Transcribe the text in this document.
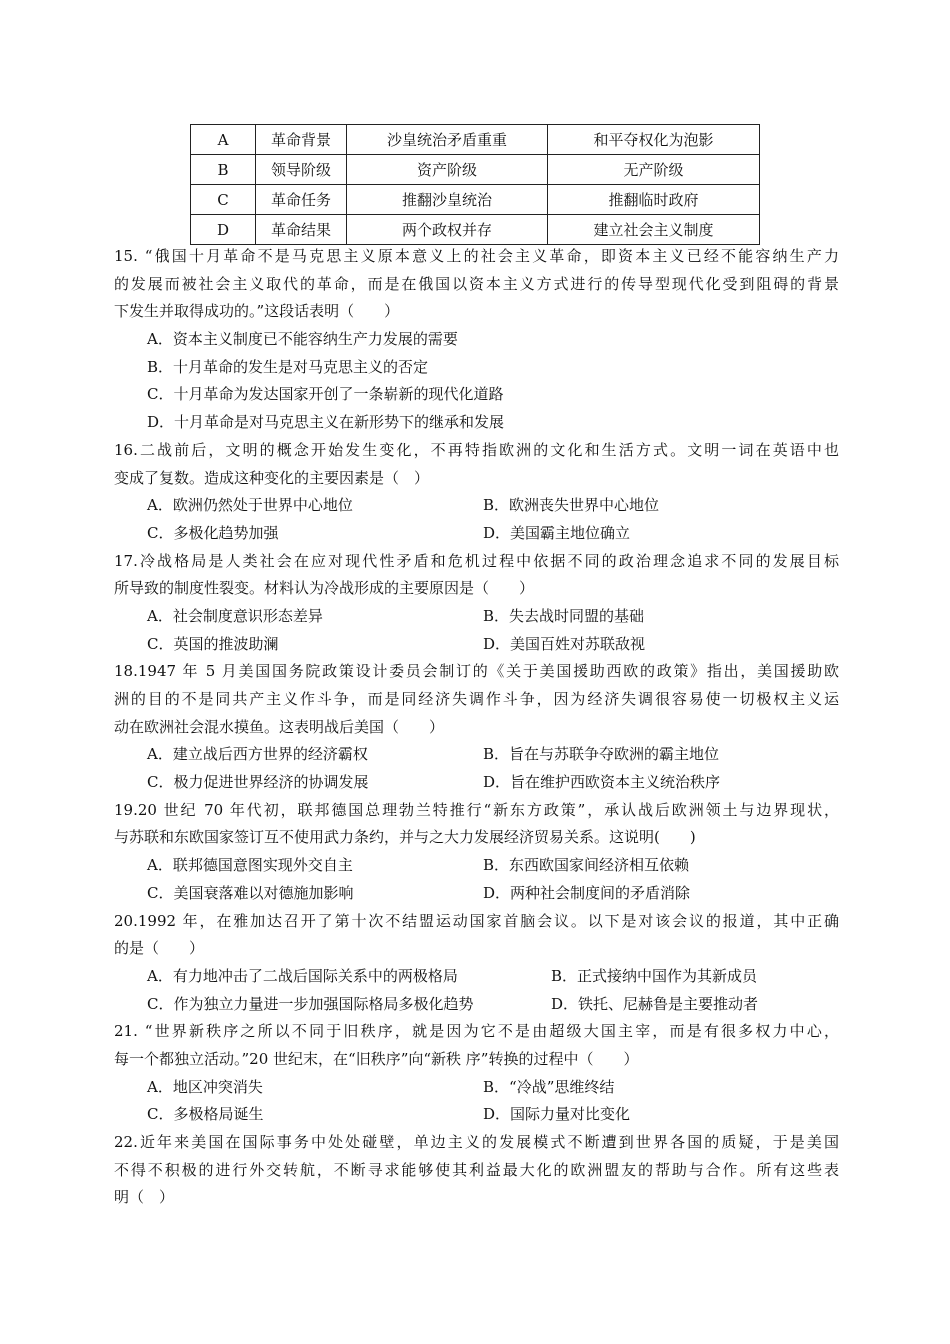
A	革命背景	沙皇统治矛盾重重	和平夺权化为泡影
B	领导阶级	资产阶级	无产阶级
C	革命任务	推翻沙皇统治	推翻临时政府
D	革命结果	两个政权并存	建立社会主义制度
15. “俄国十月革命不是马克思主义原本意义上的社会主义革命，即资本主义已经不能容纳生产力
的发展而被社会主义取代的革命，而是在俄国以资本主义方式进行的传导型现代化受到阻碍的背景
下发生并取得成功的。”这段话表明（　　）
A．资本主义制度已不能容纳生产力发展的需要
B．十月革命的发生是对马克思主义的否定
C．十月革命为发达国家开创了一条崭新的现代化道路
D．十月革命是对马克思主义在新形势下的继承和发展
16.二战前后，文明的概念开始发生变化，不再特指欧洲的文化和生活方式。文明一词在英语中也
变成了复数。造成这种变化的主要因素是（　）
A．欧洲仍然处于世界中心地位	B．欧洲丧失世界中心地位
C．多极化趋势加强	D．美国霸主地位确立
17.冷战格局是人类社会在应对现代性矛盾和危机过程中依据不同的政治理念追求不同的发展目标
所导致的制度性裂变。材料认为冷战形成的主要原因是（　　）
A．社会制度意识形态差异	B．失去战时同盟的基础
C．英国的推波助澜	D．美国百姓对苏联敌视
18.1947 年 5 月美国国务院政策设计委员会制订的《关于美国援助西欧的政策》指出，美国援助欧
洲的目的不是同共产主义作斗争，而是同经济失调作斗争，因为经济失调很容易使一切极权主义运
动在欧洲社会混水摸鱼。这表明战后美国（　　）
A．建立战后西方世界的经济霸权	B．旨在与苏联争夺欧洲的霸主地位
C．极力促进世界经济的协调发展	D．旨在维护西欧资本主义统治秩序
19.20 世纪 70 年代初，联邦德国总理勃兰特推行“新东方政策”，承认战后欧洲领土与边界现状，
与苏联和东欧国家签订互不使用武力条约，并与之大力发展经济贸易关系。这说明(　　)
A．联邦德国意图实现外交自主	B．东西欧国家间经济相互依赖
C．美国衰落难以对德施加影响	D．两种社会制度间的矛盾消除
20.1992 年，在雅加达召开了第十次不结盟运动国家首脑会议。以下是对该会议的报道，其中正确
的是（　　）
A．有力地冲击了二战后国际关系中的两极格局	B．正式接纳中国作为其新成员
C．作为独立力量进一步加强国际格局多极化趋势	D．铁托、尼赫鲁是主要推动者
21. “世界新秩序之所以不同于旧秩序，就是因为它不是由超级大国主宰，而是有很多权力中心，
每一个都独立活动。”20 世纪末，在“旧秩序”向“新秩 序”转换的过程中（　　）
A．地区冲突消失	B．“冷战”思维终结
C．多极格局诞生	D．国际力量对比变化
22.近年来美国在国际事务中处处碰壁，单边主义的发展模式不断遭到世界各国的质疑，于是美国
不得不积极的进行外交转航，不断寻求能够使其利益最大化的欧洲盟友的帮助与合作。所有这些表
明（　）
